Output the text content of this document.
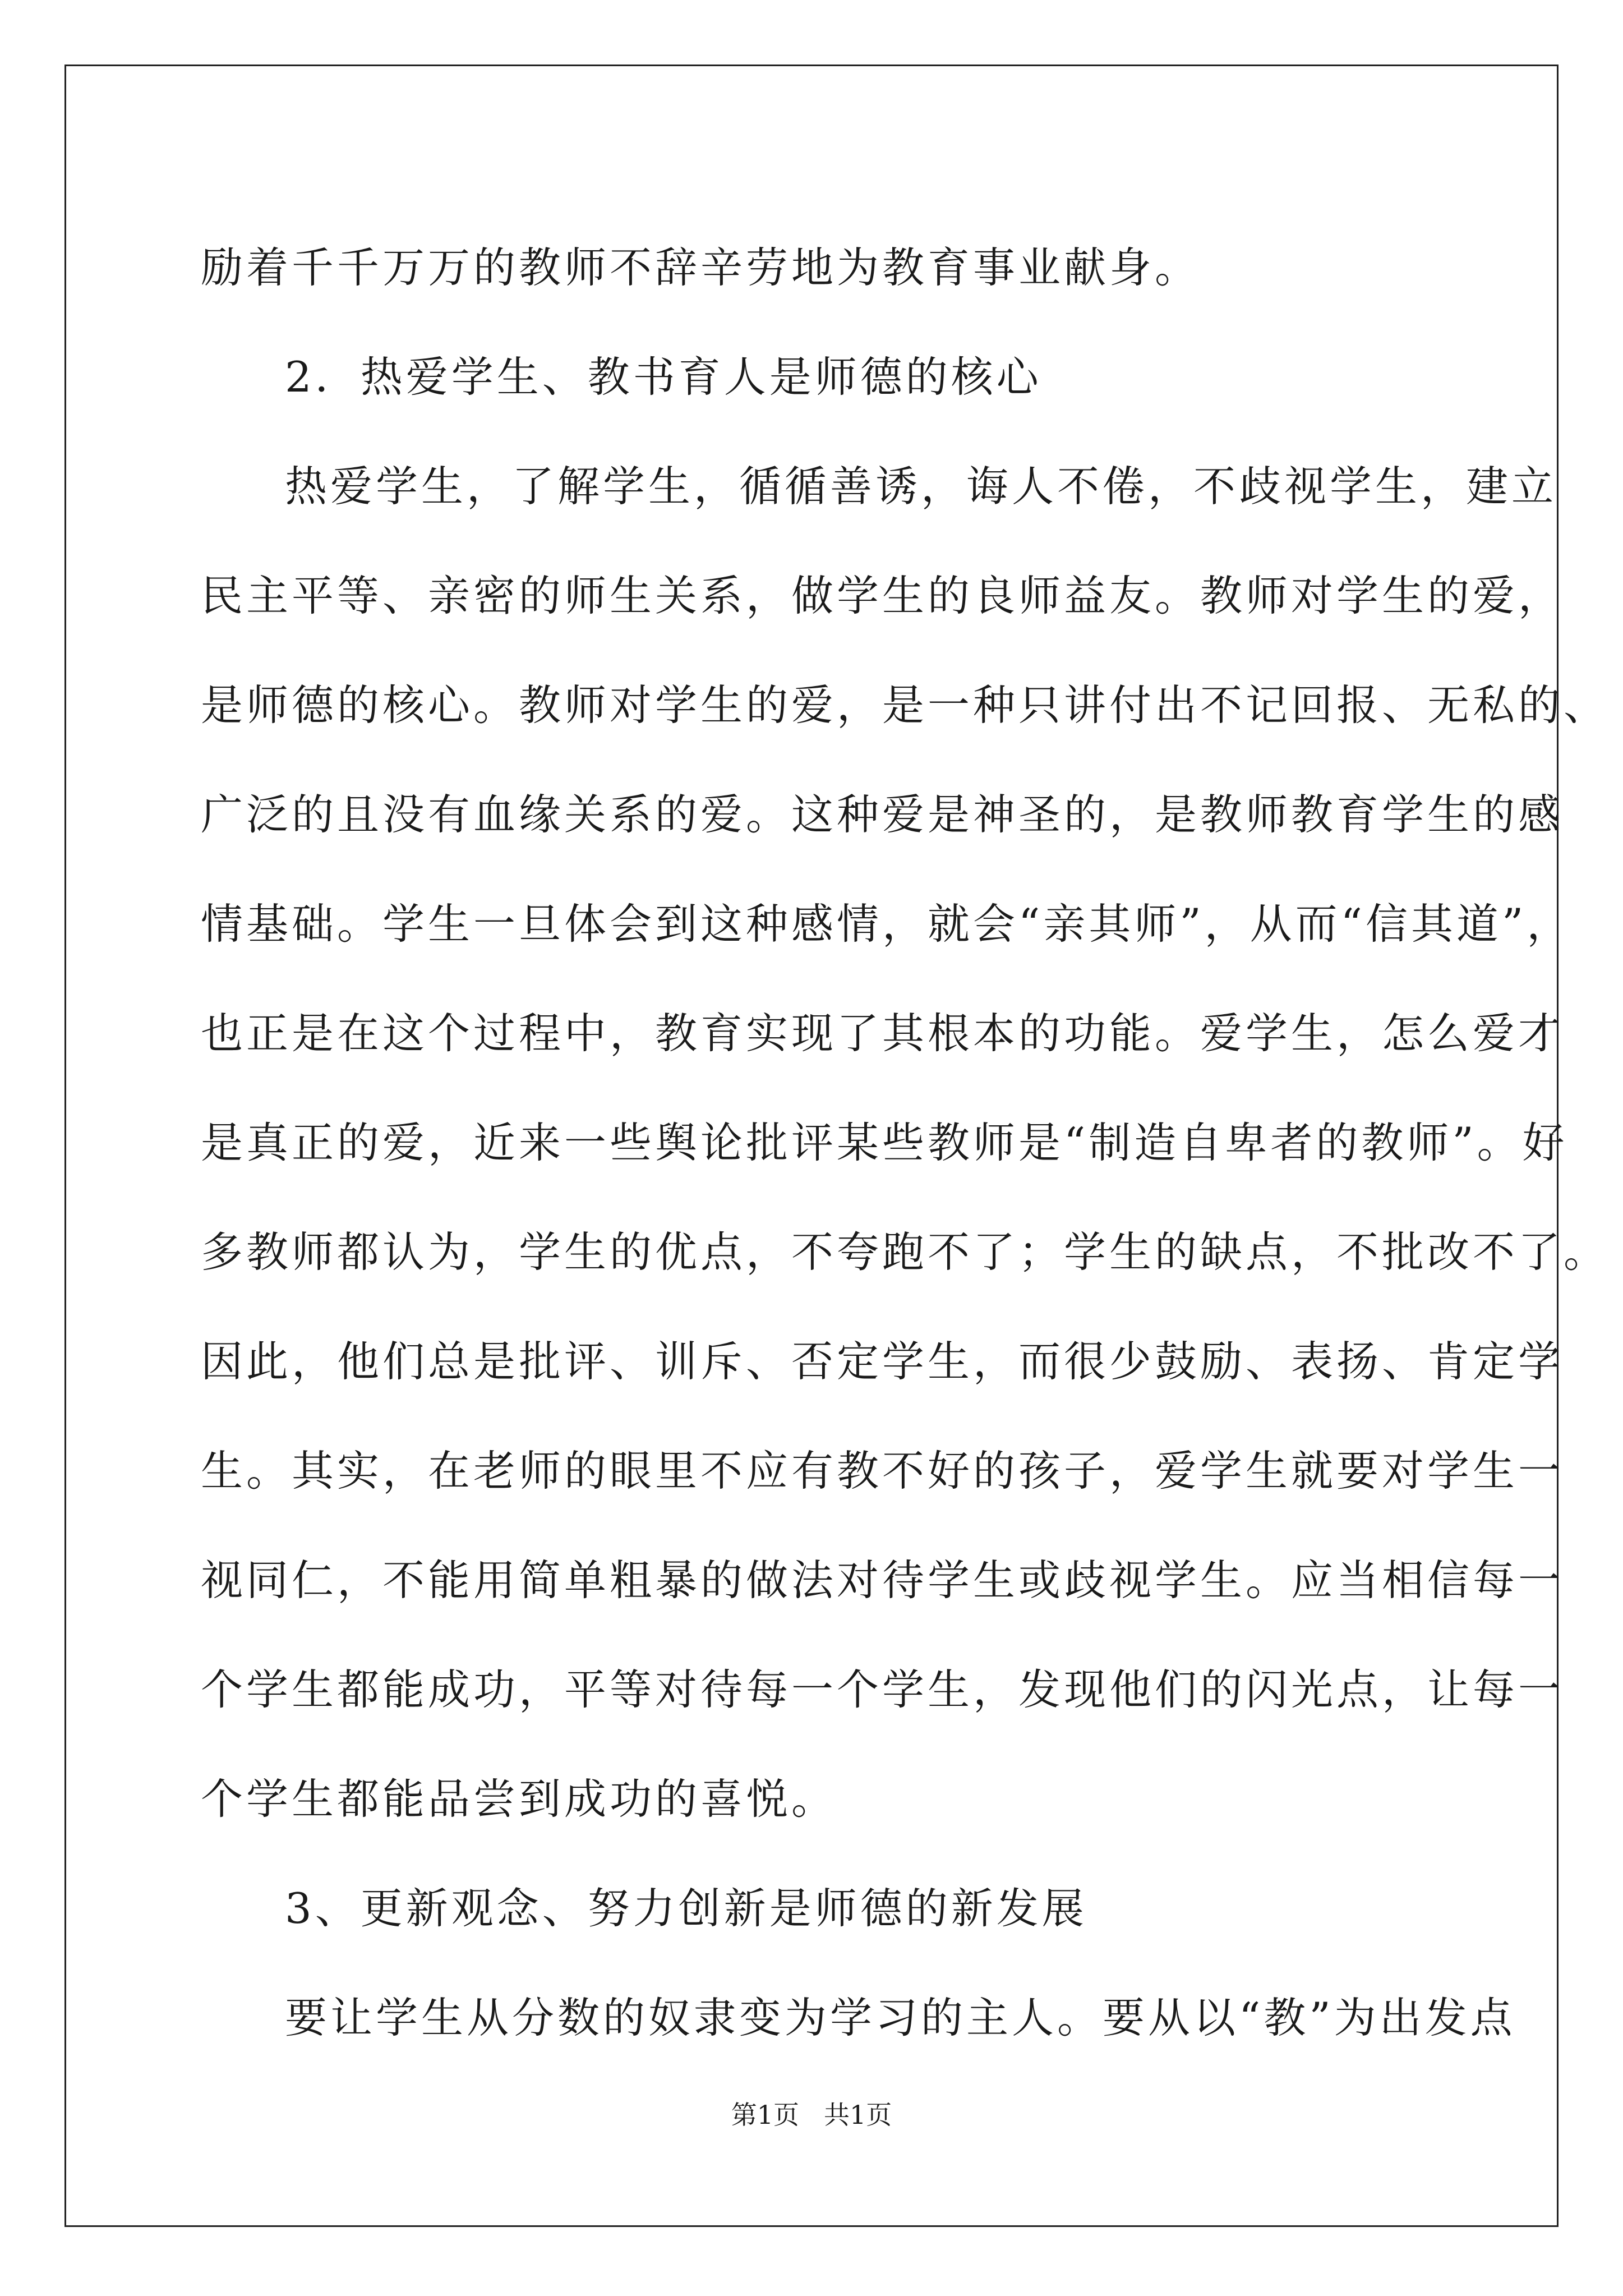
励着千千万万的教师不辞辛劳地为教育事业献身。
2．热爱学生、教书育人是师德的核心
热爱学生，了解学生，循循善诱，诲人不倦，不歧视学生，建立
民主平等、亲密的师生关系，做学生的良师益友。教师对学生的爱，
是师德的核心。教师对学生的爱，是一种只讲付出不记回报、无私的、
广泛的且没有血缘关系的爱。这种爱是神圣的，是教师教育学生的感
情基础。学生一旦体会到这种感情，就会“亲其师”，从而“信其道”，
也正是在这个过程中，教育实现了其根本的功能。爱学生，怎么爱才
是真正的爱，近来一些舆论批评某些教师是“制造自卑者的教师”。好
多教师都认为，学生的优点，不夸跑不了；学生的缺点，不批改不了。
因此，他们总是批评、训斥、否定学生，而很少鼓励、表扬、肯定学
生。其实，在老师的眼里不应有教不好的孩子，爱学生就要对学生一
视同仁，不能用简单粗暴的做法对待学生或歧视学生。应当相信每一
个学生都能成功，平等对待每一个学生，发现他们的闪光点，让每一
个学生都能品尝到成功的喜悦。
3、更新观念、努力创新是师德的新发展
要让学生从分数的奴隶变为学习的主人。要从以“教”为出发点
第1页 共1页
